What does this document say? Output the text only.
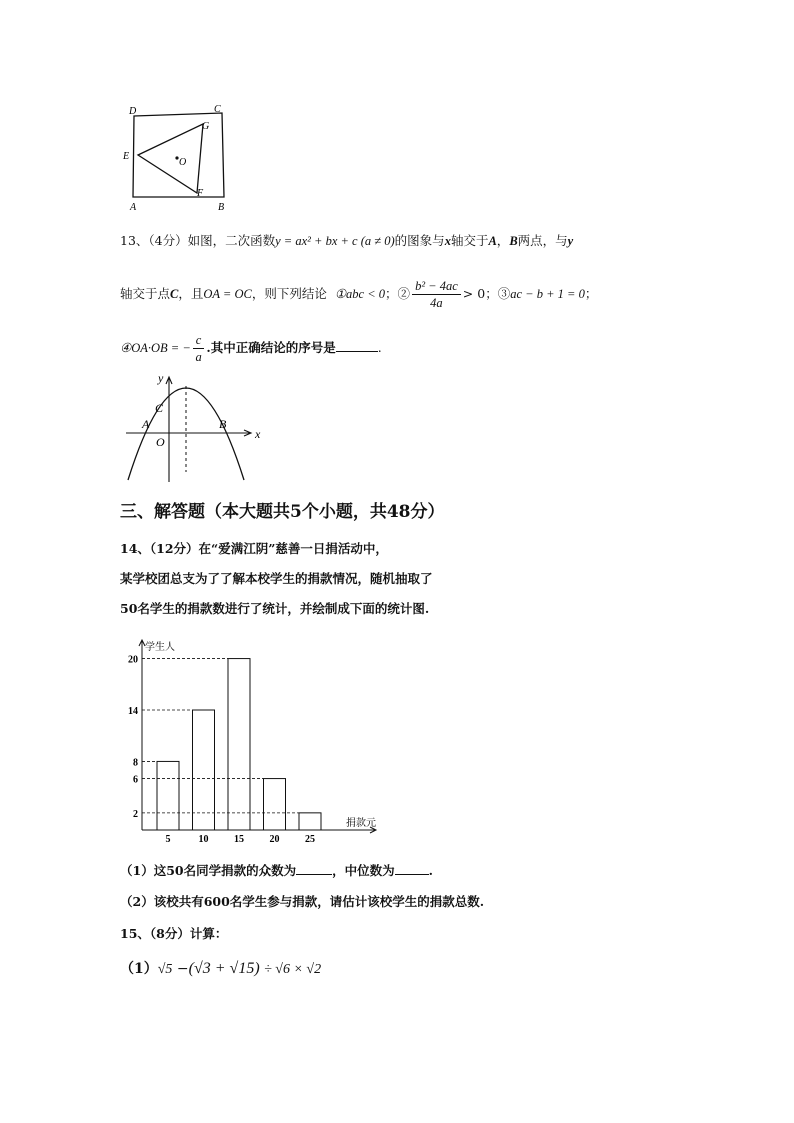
D	C
G
E
O
F
A	B
13、（4分）如图，二次函数y = ax² + bx + c (a ≠ 0)的图象与x轴交于A，B两点，与y
轴交于点C，且OA = OC，则下列结论 ①abc < 0；② $\frac{\text{b² − 4ac}}{4a} > 0$；③ac − b + 1 = 0；
④OA·OB = − $\frac{c}{a}$ .其中正确结论的序号是	.
y
x
C
A
O
B
三、解答题（本大题共5个小题，共48分）
14、（12分）在“爱满江阴”慈善一日捐活动中，
某学校团总支为了了解本校学生的捐款情况，随机抽取了
50名学生的捐款数进行了统计，并绘制成下面的统计图.
学生人
捐款元
2
6
8
14
20
5	10	15	20	25
（1）这50名同学捐款的众数为	，中位数为	.
（2）该校共有600名学生参与捐款，请估计该校学生的捐款总数.
15、（8分）计算：
（1）√5 −(√3 + √15) ÷ √6 × √2
